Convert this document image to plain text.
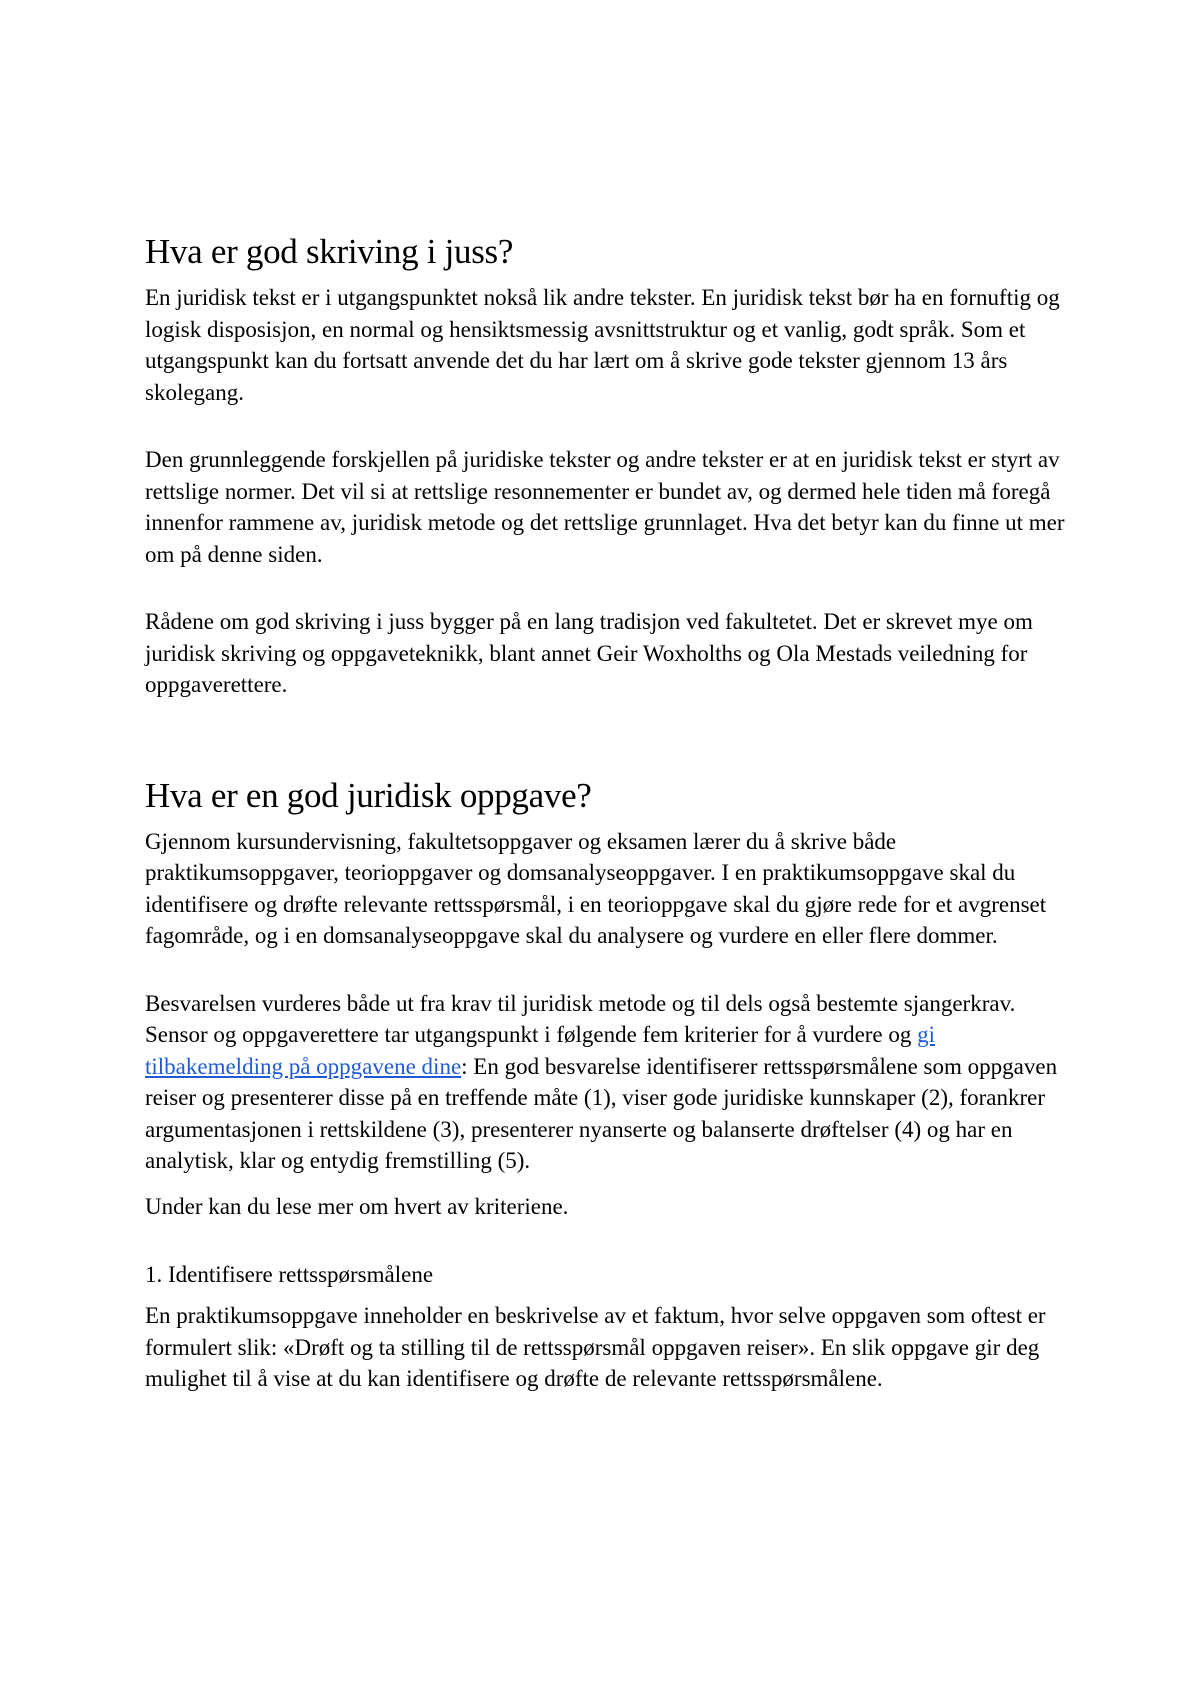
Hva er god skriving i juss?

En juridisk tekst er i utgangspunktet nokså lik andre tekster. En juridisk tekst bør ha en fornuftig og logisk disposisjon, en normal og hensiktsmessig avsnittstruktur og et vanlig, godt språk. Som et utgangspunkt kan du fortsatt anvende det du har lært om å skrive gode tekster gjennom 13 års skolegang.

Den grunnleggende forskjellen på juridiske tekster og andre tekster er at en juridisk tekst er styrt av rettslige normer. Det vil si at rettslige resonnementer er bundet av, og dermed hele tiden må foregå innenfor rammene av, juridisk metode og det rettslige grunnlaget. Hva det betyr kan du finne ut mer om på denne siden.

Rådene om god skriving i juss bygger på en lang tradisjon ved fakultetet. Det er skrevet mye om juridisk skriving og oppgaveteknikk, blant annet Geir Woxholths og Ola Mestads veiledning for oppgaverettere.

Hva er en god juridisk oppgave?

Gjennom kursundervisning, fakultetsoppgaver og eksamen lærer du å skrive både praktikumsoppgaver, teorioppgaver og domsanalyseoppgaver. I en praktikumsoppgave skal du identifisere og drøfte relevante rettsspørsmål, i en teorioppgave skal du gjøre rede for et avgrenset fagområde, og i en domsanalyseoppgave skal du analysere og vurdere en eller flere dommer.

Besvarelsen vurderes både ut fra krav til juridisk metode og til dels også bestemte sjangerkrav. Sensor og oppgaverettere tar utgangspunkt i følgende fem kriterier for å vurdere og gi tilbakemelding på oppgavene dine: En god besvarelse identifiserer rettsspørsmålene som oppgaven reiser og presenterer disse på en treffende måte (1), viser gode juridiske kunnskaper (2), forankrer argumentasjonen i rettskildene (3), presenterer nyanserte og balanserte drøftelser (4) og har en analytisk, klar og entydig fremstilling (5).

Under kan du lese mer om hvert av kriteriene.

1. Identifisere rettsspørsmålene

En praktikumsoppgave inneholder en beskrivelse av et faktum, hvor selve oppgaven som oftest er formulert slik: «Drøft og ta stilling til de rettsspørsmål oppgaven reiser». En slik oppgave gir deg mulighet til å vise at du kan identifisere og drøfte de relevante rettsspørsmålene.
